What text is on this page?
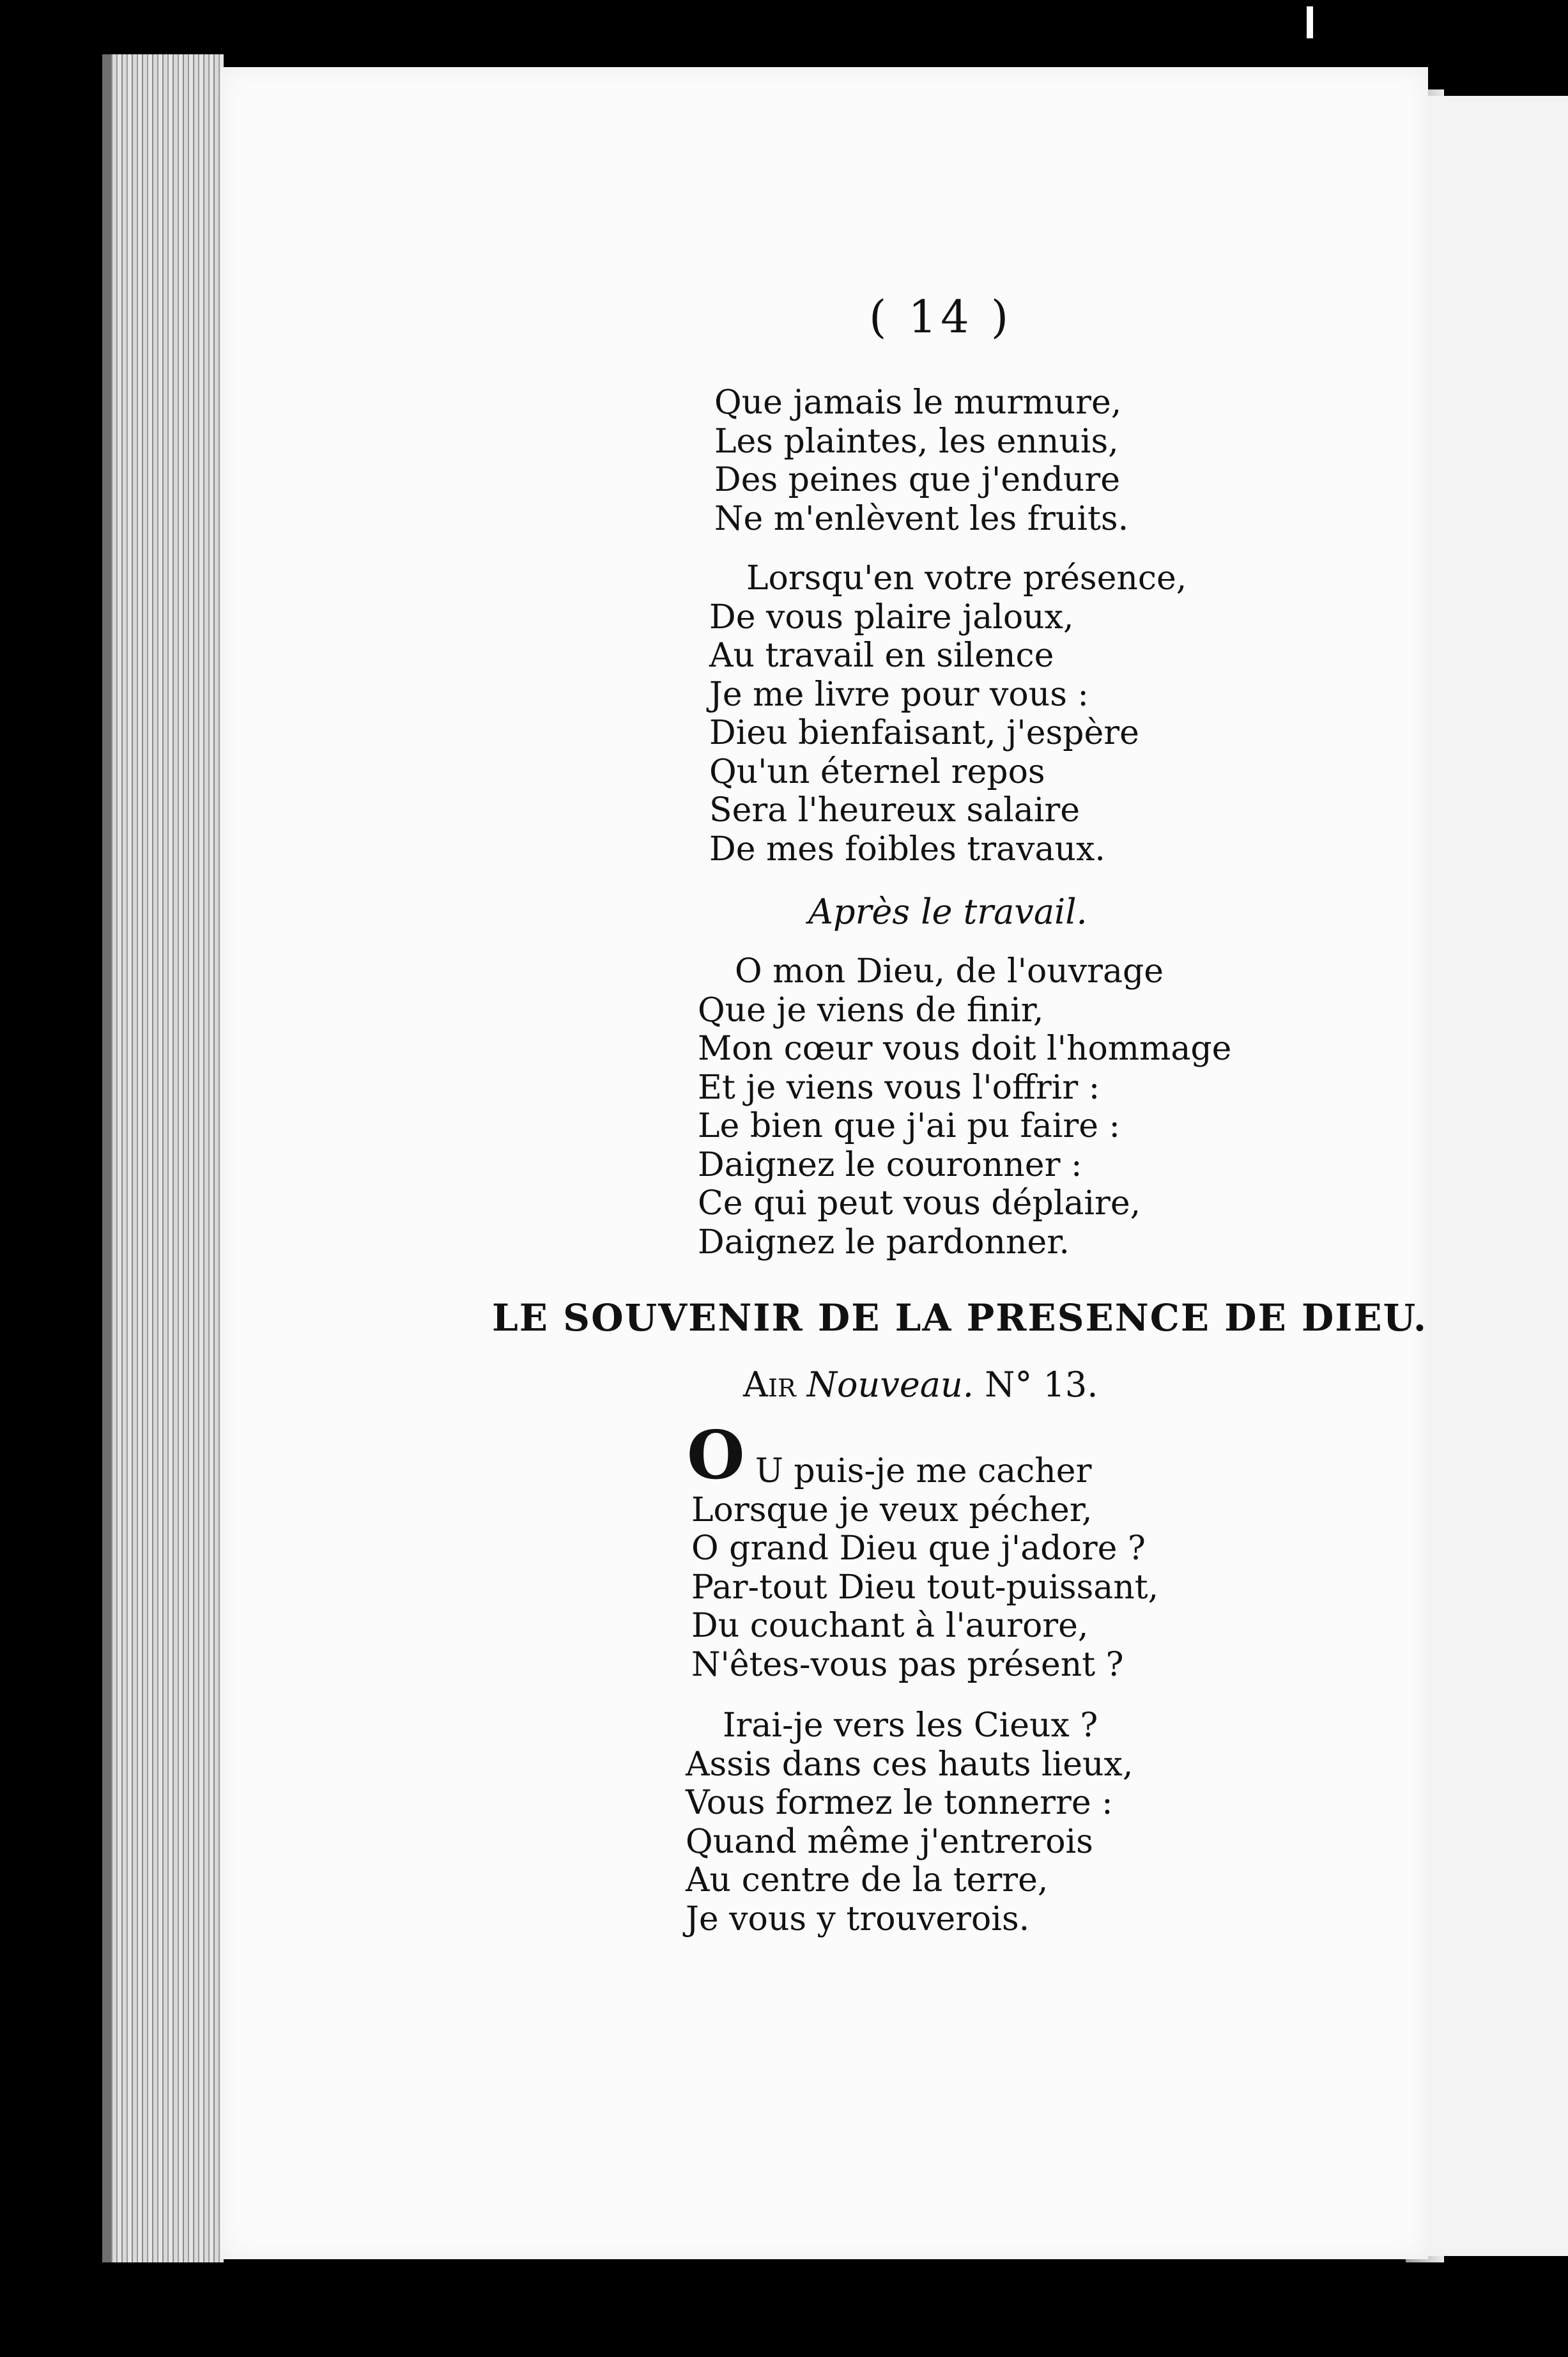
( 14 )
Que jamais le murmure,
Les plaintes, les ennuis,
Des peines que j'endure
Ne m'enlèvent les fruits.
Lorsqu'en votre présence,
De vous plaire jaloux,
Au travail en silence
Je me livre pour vous :
Dieu bienfaisant, j'espère
Qu'un éternel repos
Sera l'heureux salaire
De mes foibles travaux.
Après le travail.
O mon Dieu, de l'ouvrage
Que je viens de finir,
Mon cœur vous doit l'hommage
Et je viens vous l'offrir :
Le bien que j'ai pu faire :
Daignez le couronner :
Ce qui peut vous déplaire,
Daignez le pardonner.
LE SOUVENIR DE LA PRESENCE DE DIEU.
Air Nouveau. N° 13.
O U puis-je me cacher
Lorsque je veux pécher,
O grand Dieu que j'adore ?
Par-tout Dieu tout-puissant,
Du couchant à l'aurore,
N'êtes-vous pas présent ?
Irai-je vers les Cieux ?
Assis dans ces hauts lieux,
Vous formez le tonnerre :
Quand même j'entrerois
Au centre de la terre,
Je vous y trouverois.
